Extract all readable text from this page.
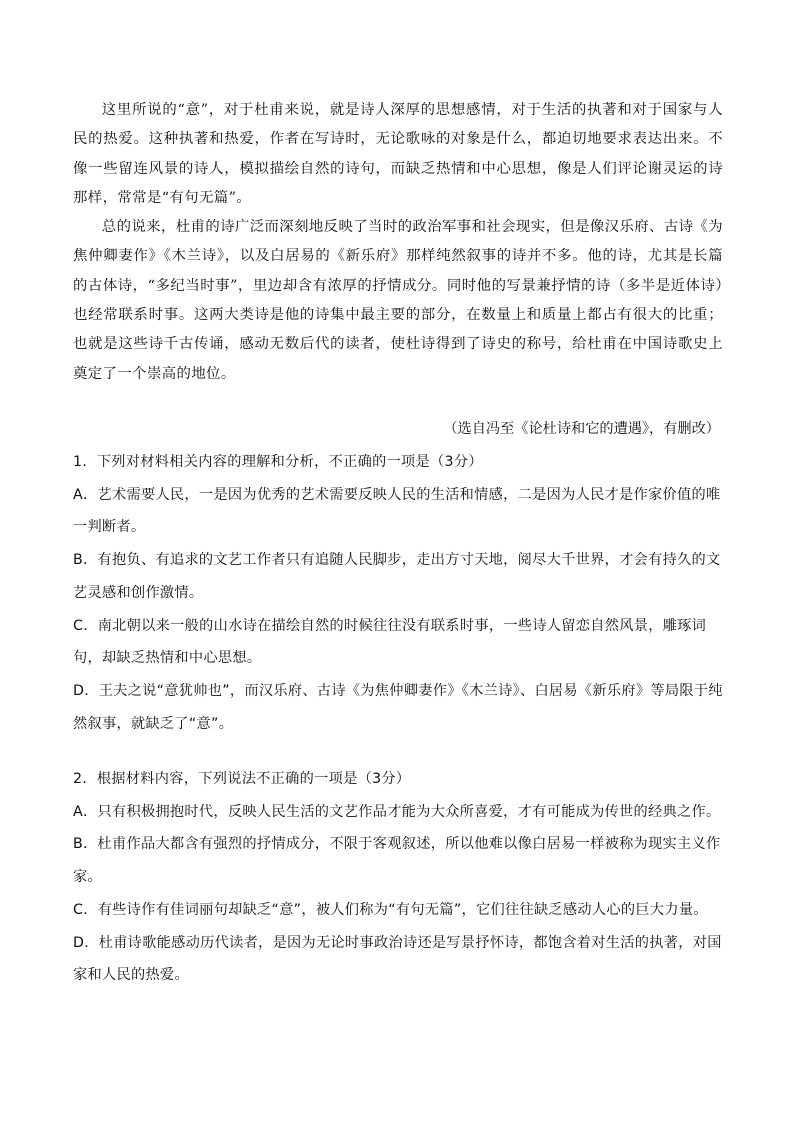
这里所说的“意”，对于杜甫来说，就是诗人深厚的思想感情，对于生活的执著和对于国家与人民的热爱。这种执著和热爱，作者在写诗时，无论歌咏的对象是什么，都迫切地要求表达出来。不像一些留连风景的诗人，模拟描绘自然的诗句，而缺乏热情和中心思想，像是人们评论谢灵运的诗那样，常常是“有句无篇”。

总的说来，杜甫的诗广泛而深刻地反映了当时的政治军事和社会现实，但是像汉乐府、古诗《为焦仲卿妻作》《木兰诗》，以及白居易的《新乐府》那样纯然叙事的诗并不多。他的诗，尤其是长篇的古体诗，“多纪当时事”，里边却含有浓厚的抒情成分。同时他的写景兼抒情的诗（多半是近体诗）也经常联系时事。这两大类诗是他的诗集中最主要的部分，在数量上和质量上都占有很大的比重；也就是这些诗千古传诵，感动无数后代的读者，使杜诗得到了诗史的称号，给杜甫在中国诗歌史上奠定了一个崇高的地位。

（选自冯至《论杜诗和它的遭遇》，有删改）
1．下列对材料相关内容的理解和分析，不正确的一项是（3分）
A．艺术需要人民，一是因为优秀的艺术需要反映人民的生活和情感，二是因为人民才是作家价值的唯一判断者。
B．有抱负、有追求的文艺工作者只有追随人民脚步，走出方寸天地，阅尽大千世界，才会有持久的文艺灵感和创作激情。
C．南北朝以来一般的山水诗在描绘自然的时候往往没有联系时事，一些诗人留恋自然风景，雕琢词句，却缺乏热情和中心思想。
D．王夫之说“意犹帅也”，而汉乐府、古诗《为焦仲卿妻作》《木兰诗》、白居易《新乐府》等局限于纯然叙事，就缺乏了“意”。
2．根据材料内容，下列说法不正确的一项是（3分）
A．只有积极拥抱时代，反映人民生活的文艺作品才能为大众所喜爱，才有可能成为传世的经典之作。
B．杜甫作品大都含有强烈的抒情成分，不限于客观叙述，所以他难以像白居易一样被称为现实主义作家。
C．有些诗作有佳词丽句却缺乏“意”，被人们称为“有句无篇”，它们往往缺乏感动人心的巨大力量。
D．杜甫诗歌能感动历代读者，是因为无论时事政治诗还是写景抒怀诗，都饱含着对生活的执著，对国家和人民的热爱。
